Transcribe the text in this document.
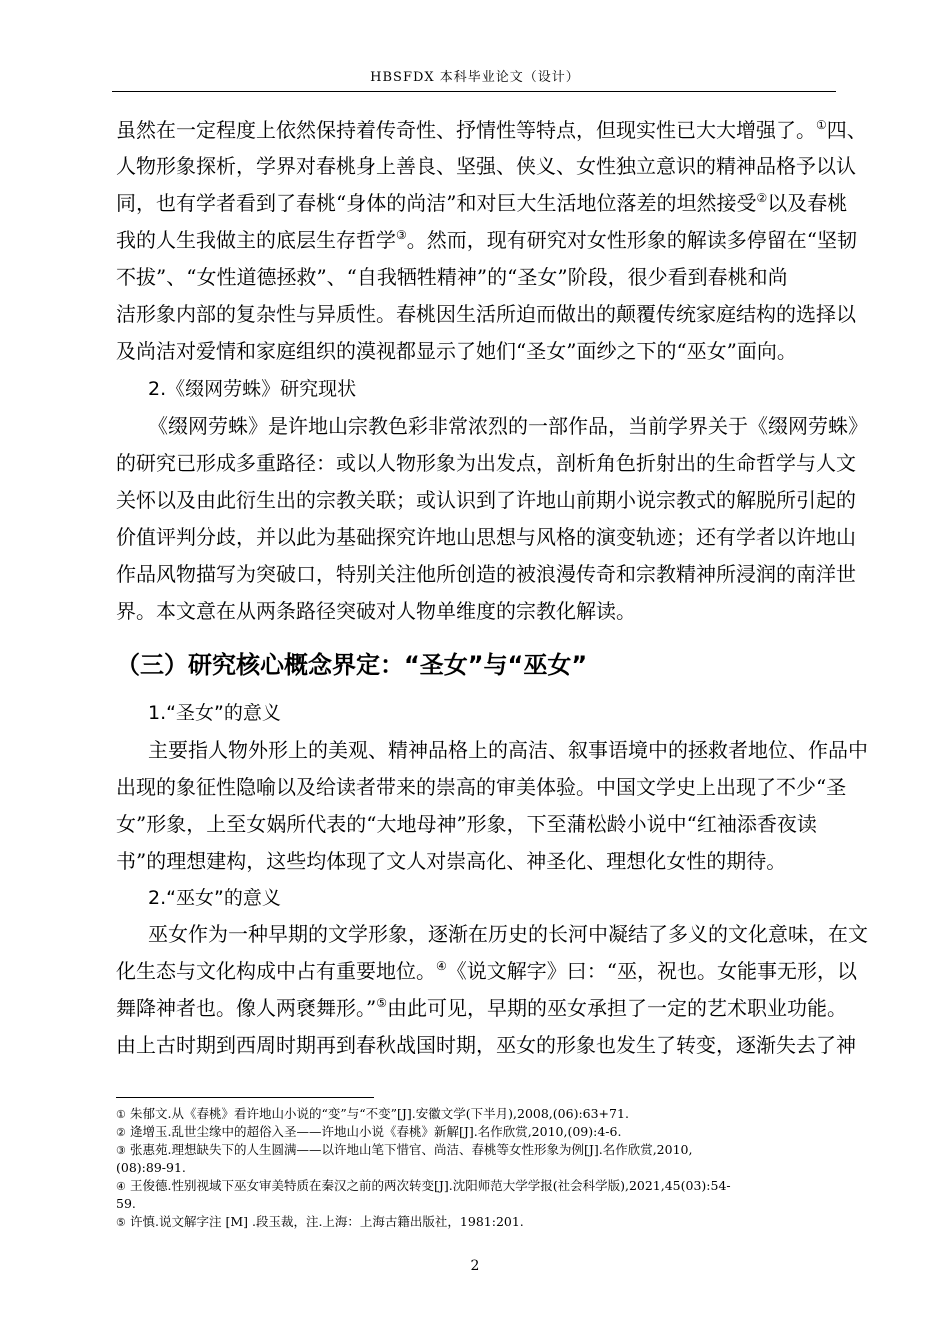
HBSFDX 本科毕业论文（设计）
虽然在一定程度上依然保持着传奇性、抒情性等特点，但现实性已大大增强了。①四、
人物形象探析，学界对春桃身上善良、坚强、侠义、女性独立意识的精神品格予以认
同，也有学者看到了春桃“身体的尚洁”和对巨大生活地位落差的坦然接受②以及春桃
我的人生我做主的底层生存哲学③。然而，现有研究对女性形象的解读多停留在“坚韧
不拔”、“女性道德拯救”、“自我牺牲精神”的“圣女”阶段，很少看到春桃和尚
洁形象内部的复杂性与异质性。春桃因生活所迫而做出的颠覆传统家庭结构的选择以
及尚洁对爱情和家庭组织的漠视都显示了她们“圣女”面纱之下的“巫女”面向。
2.《缀网劳蛛》研究现状
《缀网劳蛛》是许地山宗教色彩非常浓烈的一部作品，当前学界关于《缀网劳蛛》
的研究已形成多重路径：或以人物形象为出发点，剖析角色折射出的生命哲学与人文
关怀以及由此衍生出的宗教关联；或认识到了许地山前期小说宗教式的解脱所引起的
价值评判分歧，并以此为基础探究许地山思想与风格的演变轨迹；还有学者以许地山
作品风物描写为突破口，特别关注他所创造的被浪漫传奇和宗教精神所浸润的南洋世
界。本文意在从两条路径突破对人物单维度的宗教化解读。
（三）研究核心概念界定：“圣女”与“巫女”
1.“圣女”的意义
主要指人物外形上的美观、精神品格上的高洁、叙事语境中的拯救者地位、作品中
出现的象征性隐喻以及给读者带来的崇高的审美体验。中国文学史上出现了不少“圣
女”形象，上至女娲所代表的“大地母神”形象，下至蒲松龄小说中“红袖添香夜读
书”的理想建构，这些均体现了文人对崇高化、神圣化、理想化女性的期待。
2.“巫女”的意义
巫女作为一种早期的文学形象，逐渐在历史的长河中凝结了多义的文化意味，在文
化生态与文化构成中占有重要地位。④《说文解字》曰：“巫，祝也。女能事无形，以
舞降神者也。像人两褎舞形。”⑤由此可见，早期的巫女承担了一定的艺术职业功能。
由上古时期到西周时期再到春秋战国时期，巫女的形象也发生了转变，逐渐失去了神
① 朱郁文.从《春桃》看许地山小说的“变”与“不变”[J].安徽文学(下半月),2008,(06):63+71.
② 逄增玉.乱世尘缘中的超俗入圣——许地山小说《春桃》新解[J].名作欣赏,2010,(09):4-6.
③ 张惠苑.理想缺失下的人生圆满——以许地山笔下惜官、尚洁、春桃等女性形象为例[J].名作欣赏,2010,
(08):89-91.
④ 王俊德.性别视域下巫女审美特质在秦汉之前的两次转变[J].沈阳师范大学学报(社会科学版),2021,45(03):54-
59.
⑤ 许慎.说文解字注 [M] .段玉裁，注.上海：上海古籍出版社，1981:201.
2
